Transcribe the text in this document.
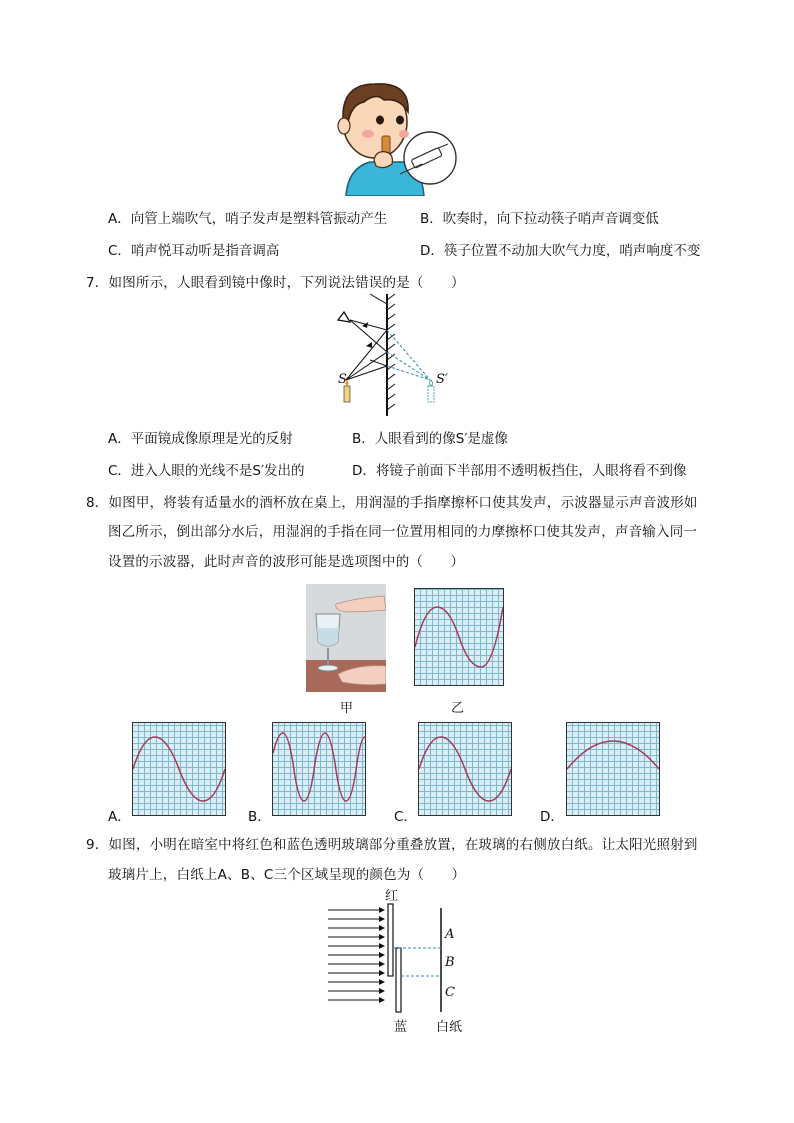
A．向管上端吹气，哨子发声是塑料管振动产生 B．吹奏时，向下拉动筷子哨声音调变低
C．哨声悦耳动听是指音调高	D．筷子位置不动加大吹气力度，哨声响度不变
7．如图所示，人眼看到镜中像时，下列说法错误的是（　　）
S	S′
A．平面镜成像原理是光的反射	B．人眼看到的像S′是虚像
C．进入人眼的光线不是S′发出的	D．将镜子前面下半部用不透明板挡住，人眼将看不到像
8．如图甲，将装有适量水的酒杯放在桌上，用润湿的手指摩擦杯口使其发声，示波器显示声音波形如
图乙所示，倒出部分水后，用湿润的手指在同一位置用相同的力摩擦杯口使其发声，声音输入同一
设置的示波器，此时声音的波形可能是选项图中的（　　）
甲	乙
A．	B．	C．	D．
9．如图，小明在暗室中将红色和蓝色透明玻璃部分重叠放置，在玻璃的右侧放白纸。让太阳光照射到
玻璃片上，白纸上A、B、C三个区域呈现的颜色为（　　）
红
蓝 白纸
A
B
C
